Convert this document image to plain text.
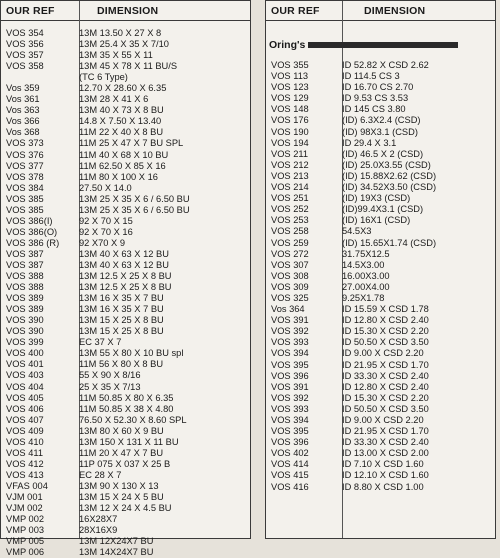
OUR REF	DIMENSION
VOS 354	13M 13.50 X 27 X 8
VOS 356	13M 25.4 X 35 X 7/10
VOS 357	13M 35 X 55 X 11
VOS 358	13M 45 X 78 X 11 BU/S
(TC 6 Type)
Vos 359	12.70 X 28.60 X 6.35
Vos 361	13M 28 X 41 X 6
Vos 363	13M 40 X 73 X 8 BU
Vos 366	14.8 X 7.50 X 13.40
Vos 368	11M 22 X 40 X 8 BU
VOS 373	11M 25 X 47 X 7 BU SPL
VOS 376	11M 40 X 68 X 10 BU
VOS 377	11M 62.50 X 85 X 16
VOS 378	11M 80 X 100 X 16
VOS 384	27.50 X 14.0
VOS 385	13M 25 X 35 X 6 / 6.50 BU
VOS 385	13M 25 X 35 X 6 / 6.50 BU
VOS 386(I)	92 X 70 X 15
VOS 386(O)	92 X 70 X 16
VOS 386 (R)	92 X70 X 9
VOS 387	13M 40 X 63 X 12 BU
VOS 387	13M 40 X 63 X 12 BU
VOS 388	13M 12.5 X 25 X 8 BU
VOS 388	13M 12.5 X 25 X 8 BU
VOS 389	13M 16 X 35 X 7 BU
VOS 389	13M 16 X 35 X 7 BU
VOS 390	13M 15 X 25 X 8 BU
VOS 390	13M 15 X 25 X 8 BU
VOS 399	EC 37 X 7
VOS 400	13M 55 X 80 X 10 BU spl
VOS 401	11M 56 X 80 X 8 BU
VOS 403	55 X 90 X 8/16
VOS 404	25 X 35 X 7/13
VOS 405	11M 50.85 X 80 X 6.35
VOS 406	11M 50.85 X 38 X 4.80
VOS 407	76.50 X 52.30 X 8.60 SPL
VOS 409	13M 80 X 60 X 9 BU
VOS 410	13M 150 X 131 X 11 BU
VOS 411	11M 20 X 47 X 7 BU
VOS 412	11P 075 X 037 X 25 B
VOS 413	EC 28 X 7
VFAS 004	13M 90 X 130 X 13
VJM 001	13M 15 X 24 X 5 BU
VJM 002	13M 12 X 24 X 4.5 BU
VMP 002	16X28X7
VMP 003	28X16X9
VMP 005	13M 12X24X7 BU
VMP 006	13M 14X24X7 BU
OUR REF	DIMENSION
Oring's
VOS 355	ID 52.82 X CSD 2.62
VOS 113	ID 114.5 CS 3
VOS 123	ID 16.70 CS 2.70
VOS 129	ID 9.53 CS 3.53
VOS 148	ID 145 CS 3.80
VOS 176	(ID) 6.3X2.4 (CSD)
VOS 190	(ID) 98X3.1 (CSD)
VOS 194	ID 29.4 X 3.1
VOS 211	(ID) 46.5 X 2 (CSD)
VOS 212	(ID) 25.0X3.55 (CSD)
VOS 213	(ID) 15.88X2.62 (CSD)
VOS 214	(ID) 34.52X3.50 (CSD)
VOS 251	(ID) 19X3 (CSD)
VOS 252	(ID)99.4X3.1 (CSD)
VOS 253	(ID) 16X1 (CSD)
VOS 258	54.5X3
VOS 259	(ID) 15.65X1.74 (CSD)
VOS 272	31.75X12.5
VOS 307	14.5X3.00
VOS 308	16.00X3.00
VOS 309	27.00X4.00
VOS 325	9.25X1.78
Vos 364	ID 15.59 X CSD 1.78
VOS 391	ID 12.80 X CSD 2.40
VOS 392	ID 15.30 X CSD 2.20
VOS 393	ID 50.50 X CSD 3.50
VOS 394	ID 9.00 X CSD 2.20
VOS 395	ID 21.95 X CSD 1.70
VOS 396	ID 33.30 X CSD 2.40
VOS 391	ID 12.80 X CSD 2.40
VOS 392	ID 15.30 X CSD 2.20
VOS 393	ID 50.50 X CSD 3.50
VOS 394	ID 9.00 X CSD 2.20
VOS 395	ID 21.95 X CSD 1.70
VOS 396	ID 33.30 X CSD 2.40
VOS 402	ID 13.00 X CSD 2.00
VOS 414	ID 7.10 X CSD 1.60
VOS 415	ID 12.10 X CSD 1.60
VOS 416	ID 8.80 X CSD 1.00
